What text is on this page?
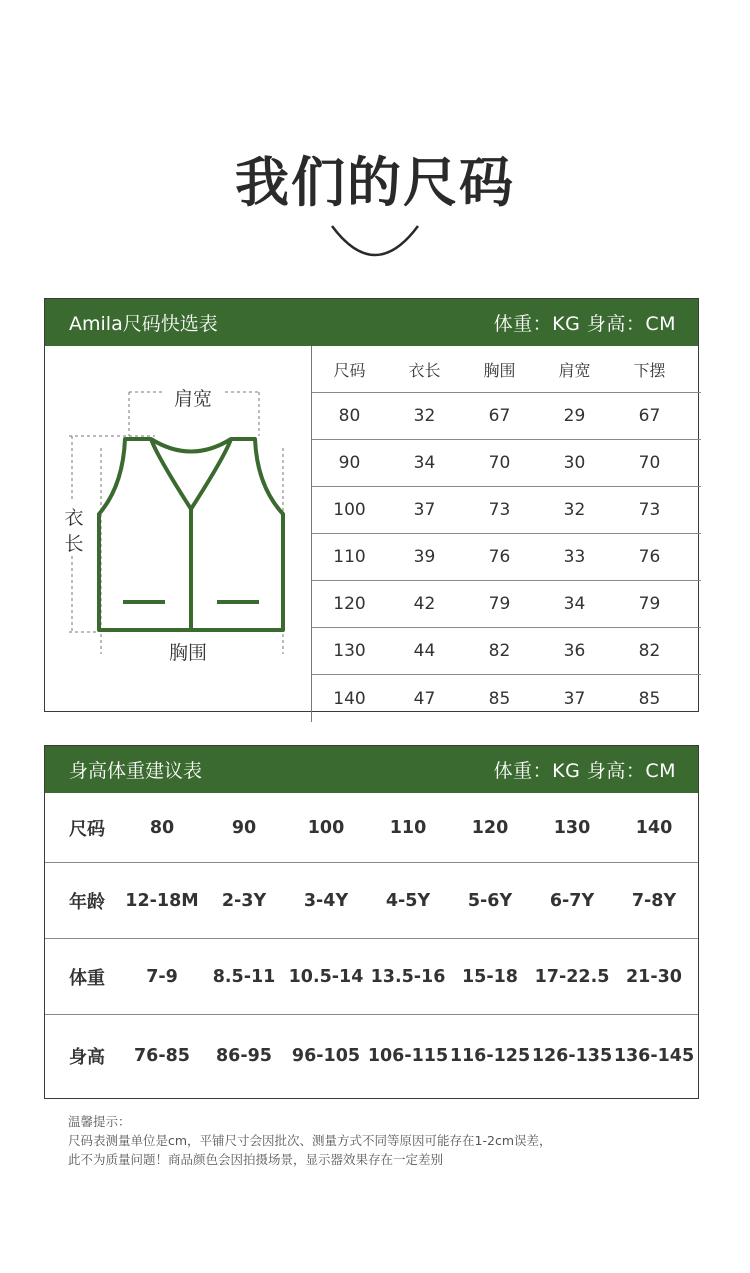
我们的尺码
Amila尺码快选表	体重：KG 身高：CM
肩宽
衣
长
胸围
尺码	衣长	胸围	肩宽	下摆
80	32	67	29	67
90	34	70	30	70
100	37	73	32	73
110	39	76	33	76
120	42	79	34	79
130	44	82	36	82
140	47	85	37	85
身高体重建议表	体重：KG 身高：CM
尺码	80	90	100	110	120	130	140
年龄	12-18M	2-3Y	3-4Y	4-5Y	5-6Y	6-7Y	7-8Y
体重	7-9	8.5-11 10.5-14 13.5-16 15-18 17-22.5 21-30
身高	76-85	86-95	96-105 106-115 116-125 126-135 136-145
温馨提示：
尺码表测量单位是cm，平铺尺寸会因批次、测量方式不同等原因可能存在1-2cm误差，
此不为质量问题！商品颜色会因拍摄场景，显示器效果存在一定差别
